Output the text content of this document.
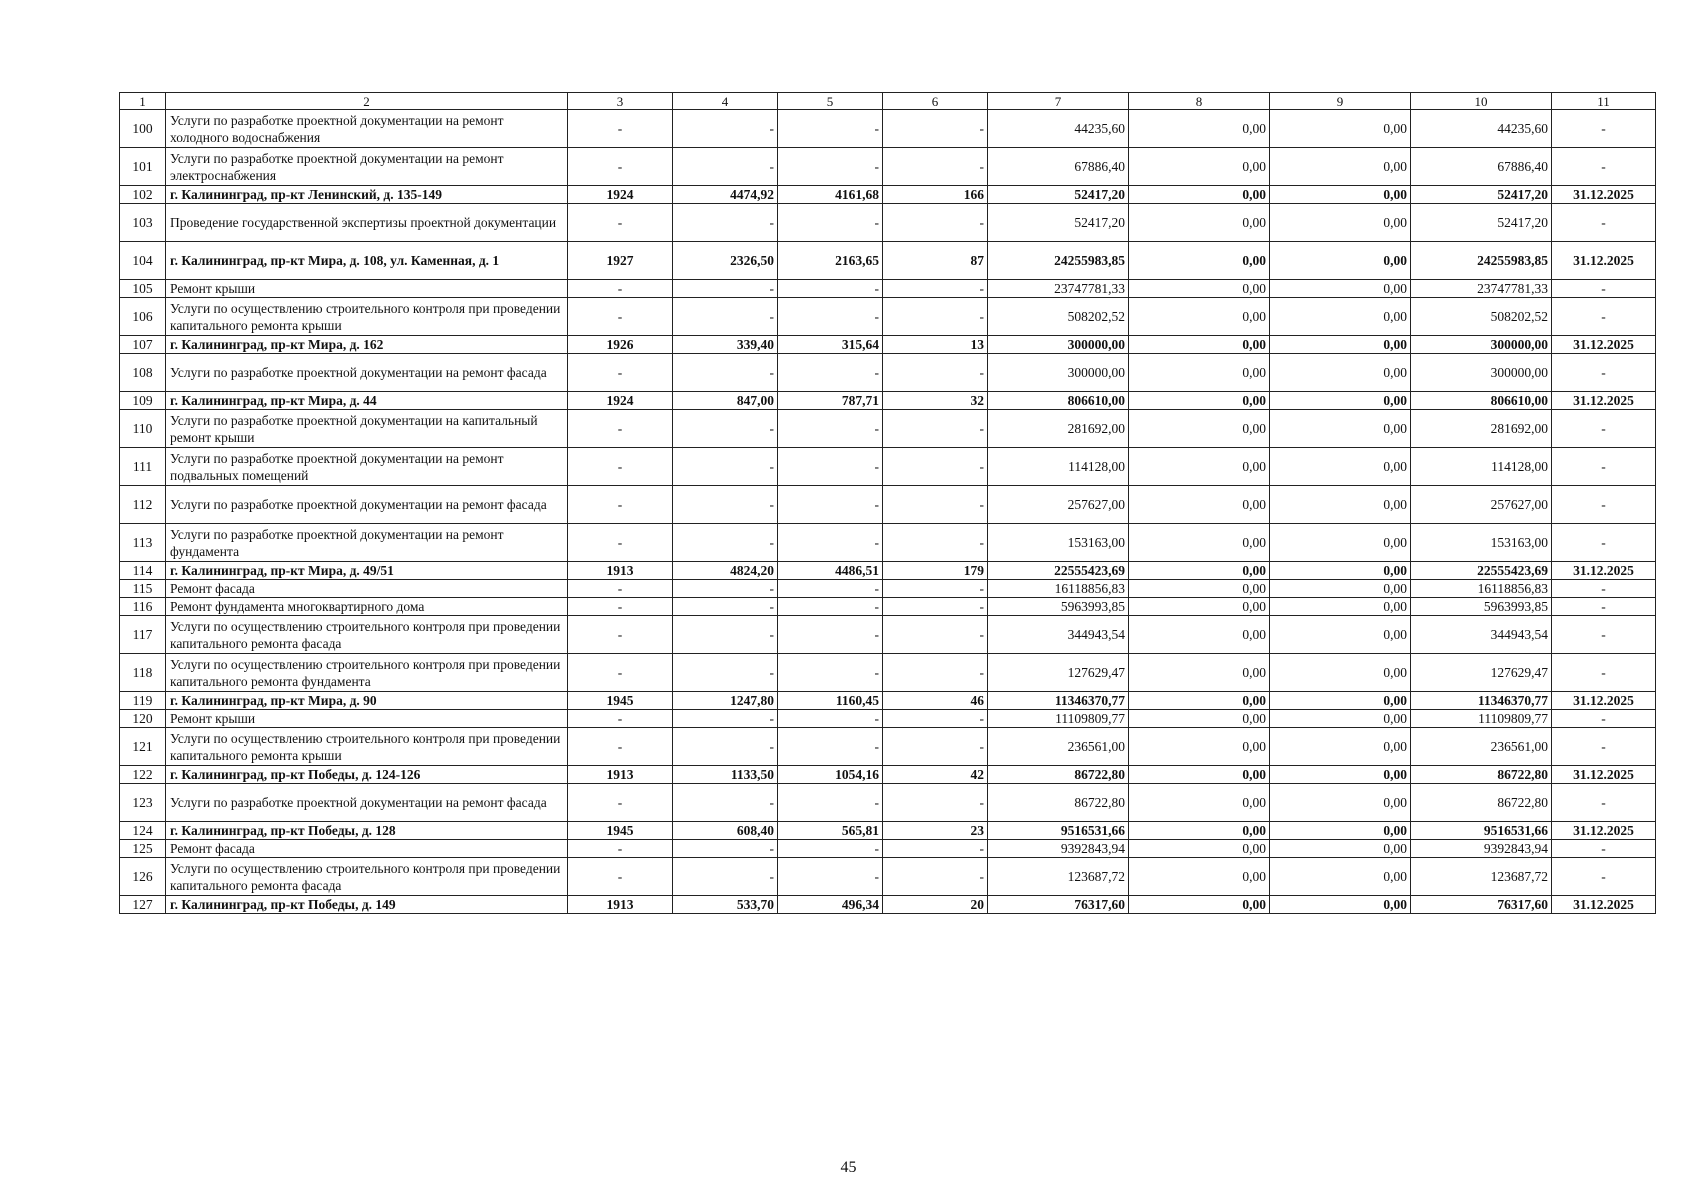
1	2	3	4	5	6	7	8	9	10	11
100	Услуги по разработке проектной документации на ремонт холодного водоснабжения	-	-	-	-	44235,60	0,00	0,00	44235,60	-
101	Услуги по разработке проектной документации на ремонт электроснабжения	-	-	-	-	67886,40	0,00	0,00	67886,40	-
102	г. Калининград, пр-кт Ленинский, д. 135-149	1924	4474,92	4161,68	166	52417,20	0,00	0,00	52417,20	31.12.2025
103	Проведение государственной экспертизы проектной документации	-	-	-	-	52417,20	0,00	0,00	52417,20	-
104	г. Калининград, пр-кт Мира, д. 108, ул. Каменная, д. 1	1927	2326,50	2163,65	87	24255983,85	0,00	0,00	24255983,85	31.12.2025
105	Ремонт крыши	-	-	-	-	23747781,33	0,00	0,00	23747781,33	-
106	Услуги по осуществлению строительного контроля при проведении капитального ремонта крыши	-	-	-	-	508202,52	0,00	0,00	508202,52	-
107	г. Калининград, пр-кт Мира, д. 162	1926	339,40	315,64	13	300000,00	0,00	0,00	300000,00	31.12.2025
108	Услуги по разработке проектной документации на ремонт фасада	-	-	-	-	300000,00	0,00	0,00	300000,00	-
109	г. Калининград, пр-кт Мира, д. 44	1924	847,00	787,71	32	806610,00	0,00	0,00	806610,00	31.12.2025
110	Услуги по разработке проектной документации на капитальный ремонт крыши	-	-	-	-	281692,00	0,00	0,00	281692,00	-
111	Услуги по разработке проектной документации на ремонт подвальных помещений	-	-	-	-	114128,00	0,00	0,00	114128,00	-
112	Услуги по разработке проектной документации на ремонт фасада	-	-	-	-	257627,00	0,00	0,00	257627,00	-
113	Услуги по разработке проектной документации на ремонт фундамента	-	-	-	-	153163,00	0,00	0,00	153163,00	-
114	г. Калининград, пр-кт Мира, д. 49/51	1913	4824,20	4486,51	179	22555423,69	0,00	0,00	22555423,69	31.12.2025
115	Ремонт фасада	-	-	-	-	16118856,83	0,00	0,00	16118856,83	-
116	Ремонт фундамента многоквартирного дома	-	-	-	-	5963993,85	0,00	0,00	5963993,85	-
117	Услуги по осуществлению строительного контроля при проведении капитального ремонта фасада	-	-	-	-	344943,54	0,00	0,00	344943,54	-
118	Услуги по осуществлению строительного контроля при проведении капитального ремонта фундамента	-	-	-	-	127629,47	0,00	0,00	127629,47	-
119	г. Калининград, пр-кт Мира, д. 90	1945	1247,80	1160,45	46	11346370,77	0,00	0,00	11346370,77	31.12.2025
120	Ремонт крыши	-	-	-	-	11109809,77	0,00	0,00	11109809,77	-
121	Услуги по осуществлению строительного контроля при проведении капитального ремонта крыши	-	-	-	-	236561,00	0,00	0,00	236561,00	-
122	г. Калининград, пр-кт Победы, д. 124-126	1913	1133,50	1054,16	42	86722,80	0,00	0,00	86722,80	31.12.2025
123	Услуги по разработке проектной документации на ремонт фасада	-	-	-	-	86722,80	0,00	0,00	86722,80	-
124	г. Калининград, пр-кт Победы, д. 128	1945	608,40	565,81	23	9516531,66	0,00	0,00	9516531,66	31.12.2025
125	Ремонт фасада	-	-	-	-	9392843,94	0,00	0,00	9392843,94	-
126	Услуги по осуществлению строительного контроля при проведении капитального ремонта фасада	-	-	-	-	123687,72	0,00	0,00	123687,72	-
127	г. Калининград, пр-кт Победы, д. 149	1913	533,70	496,34	20	76317,60	0,00	0,00	76317,60	31.12.2025
45
